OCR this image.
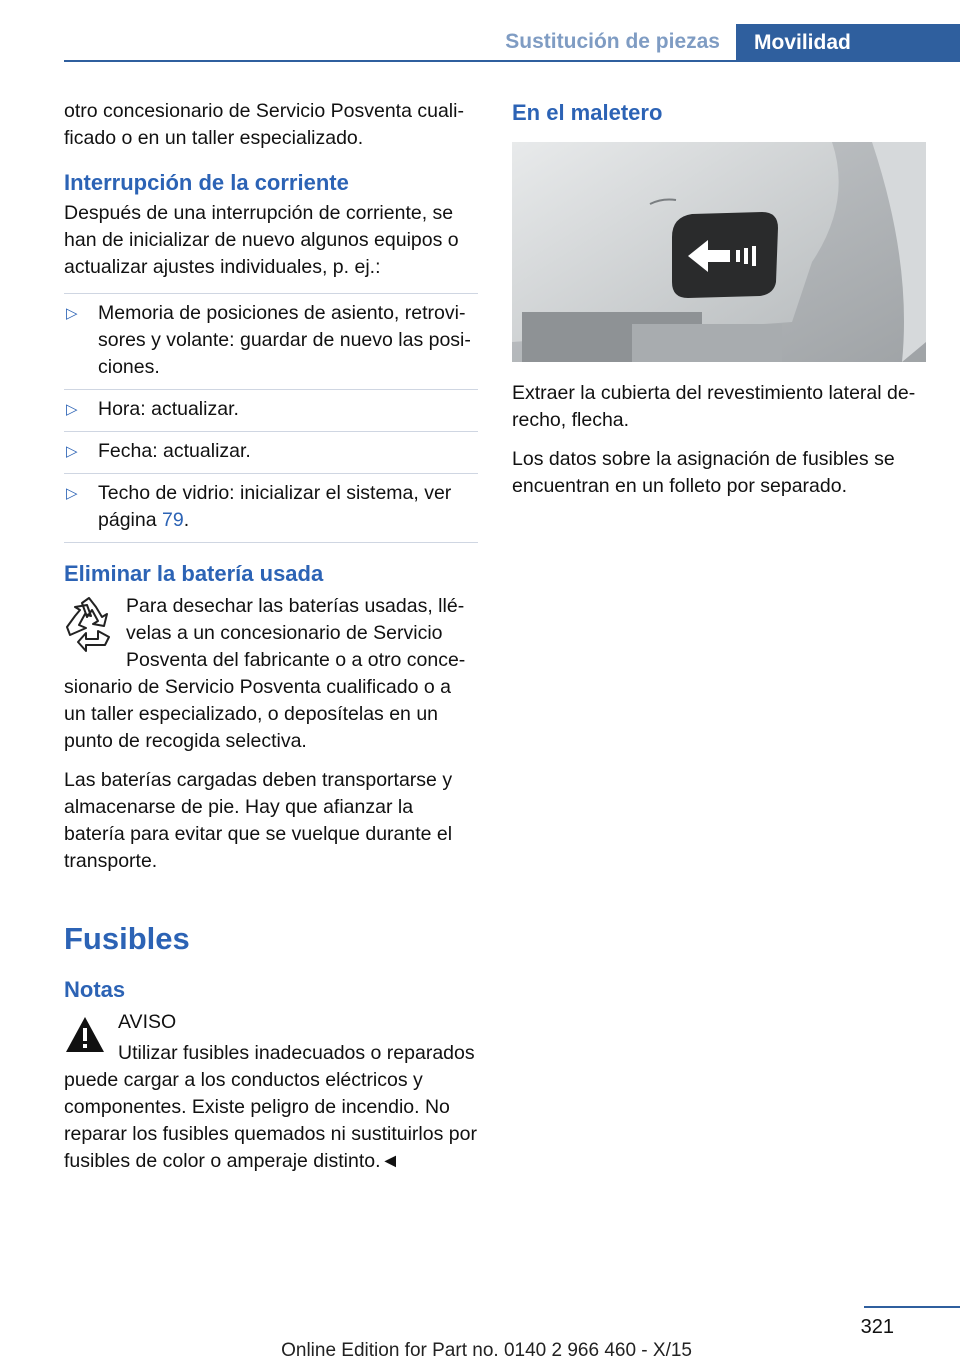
Sustitución de piezas	Movilidad

otro concesionario de Servicio Posventa cualificado o en un taller especializado.

Interrupción de la corriente

Después de una interrupción de corriente, se han de inicializar de nuevo algunos equipos o actualizar ajustes individuales, p. ej.:

▷ Memoria de posiciones de asiento, retrovisores y volante: guardar de nuevo las posiciones.
▷ Hora: actualizar.
▷ Fecha: actualizar.
▷ Techo de vidrio: inicializar el sistema, ver página 79.
Eliminar la batería usada

Para desechar las baterías usadas, llévelas a un concesionario de Servicio Posventa del fabricante o a otro concesionario de Servicio Posventa cualificado o a un taller especializado, o deposítelas en un punto de recogida selectiva.

Las baterías cargadas deben transportarse y almacenarse de pie. Hay que afianzar la batería para evitar que se vuelque durante el transporte.

Fusibles
Notas

AVISO

Utilizar fusibles inadecuados o reparados puede cargar a los conductos eléctricos y componentes. Existe peligro de incendio. No reparar los fusibles quemados ni sustituirlos por fusibles de color o amperaje distinto.◄

En el maletero

Extraer la cubierta del revestimiento lateral derecho, flecha.

Los datos sobre la asignación de fusibles se encuentran en un folleto por separado.

321
Online Edition for Part no. 0140 2 966 460 - X/15
